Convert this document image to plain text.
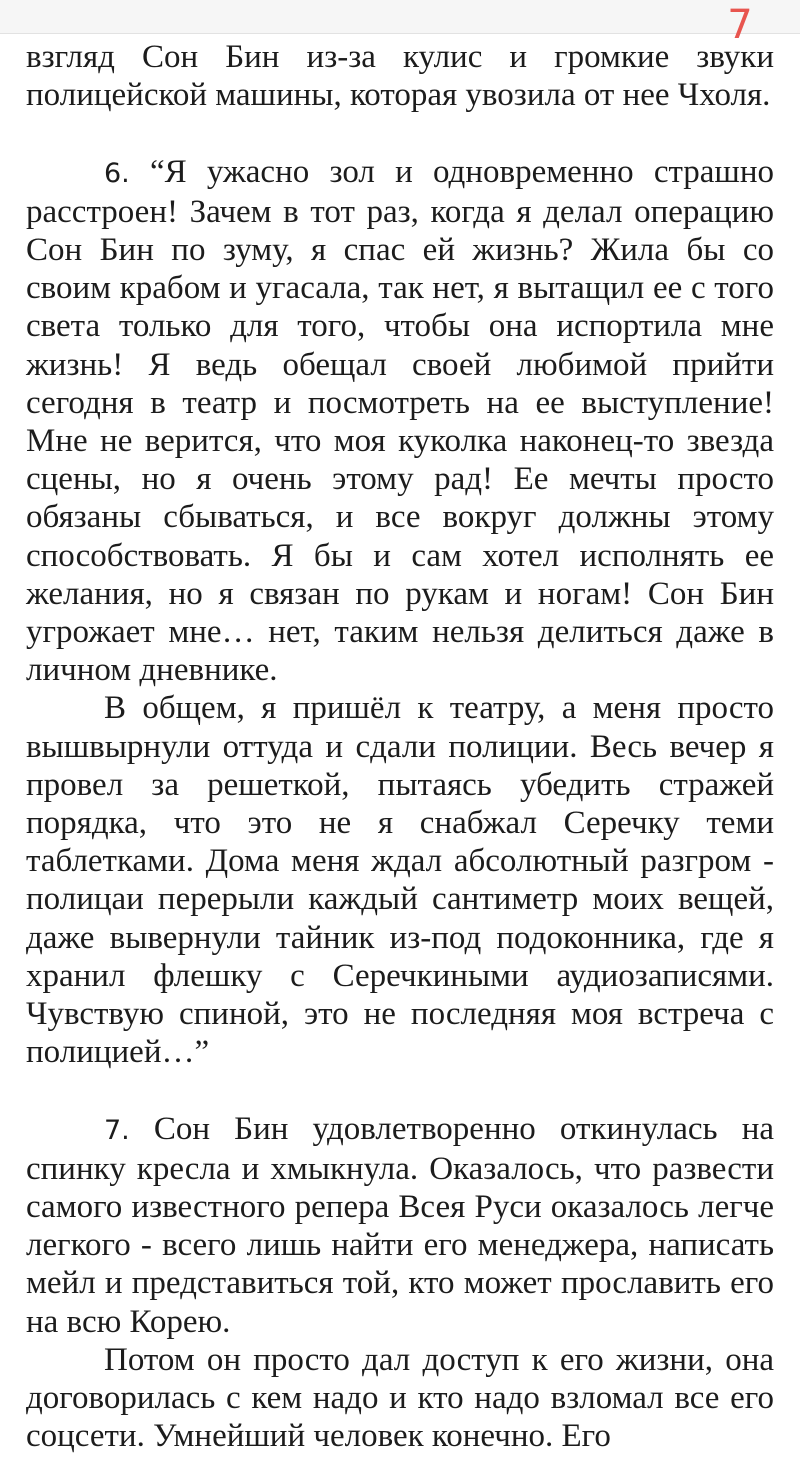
7

взгляд Сон Бин из-за кулис и громкие звуки полицейской машины, которая увозила от нее Чхоля.

6. “Я ужасно зол и одновременно страшно расстроен! Зачем в тот раз, когда я делал операцию Сон Бин по зуму, я спас ей жизнь? Жила бы со своим крабом и угасала, так нет, я вытащил ее с того света только для того, чтобы она испортила мне жизнь! Я ведь обещал своей любимой прийти сегодня в театр и посмотреть на ее выступление! Мне не верится, что моя куколка наконец-то звезда сцены, но я очень этому рад! Ее мечты просто обязаны сбываться, и все вокруг должны этому способствовать. Я бы и сам хотел исполнять ее желания, но я связан по рукам и ногам! Сон Бин угрожает мне… нет, таким нельзя делиться даже в личном дневнике.

В общем, я пришёл к театру, а меня просто вышвырнули оттуда и сдали полиции. Весь вечер я провел за решеткой, пытаясь убедить стражей порядка, что это не я снабжал Серечку теми таблетками. Дома меня ждал абсолютный разгром - полицаи перерыли каждый сантиметр моих вещей, даже вывернули тайник из-под подоконника, где я хранил флешку с Серечкиными аудиозаписями. Чувствую спиной, это не последняя моя встреча с полицией…”

7. Сон Бин удовлетворенно откинулась на спинку кресла и хмыкнула. Оказалось, что развести самого известного репера Всея Руси оказалось легче легкого - всего лишь найти его менеджера, написать мейл и представиться той, кто может прославить его на всю Корею.

Потом он просто дал доступ к его жизни, она договорилась с кем надо и кто надо взломал все его соцсети. Умнейший человек конечно. Его
